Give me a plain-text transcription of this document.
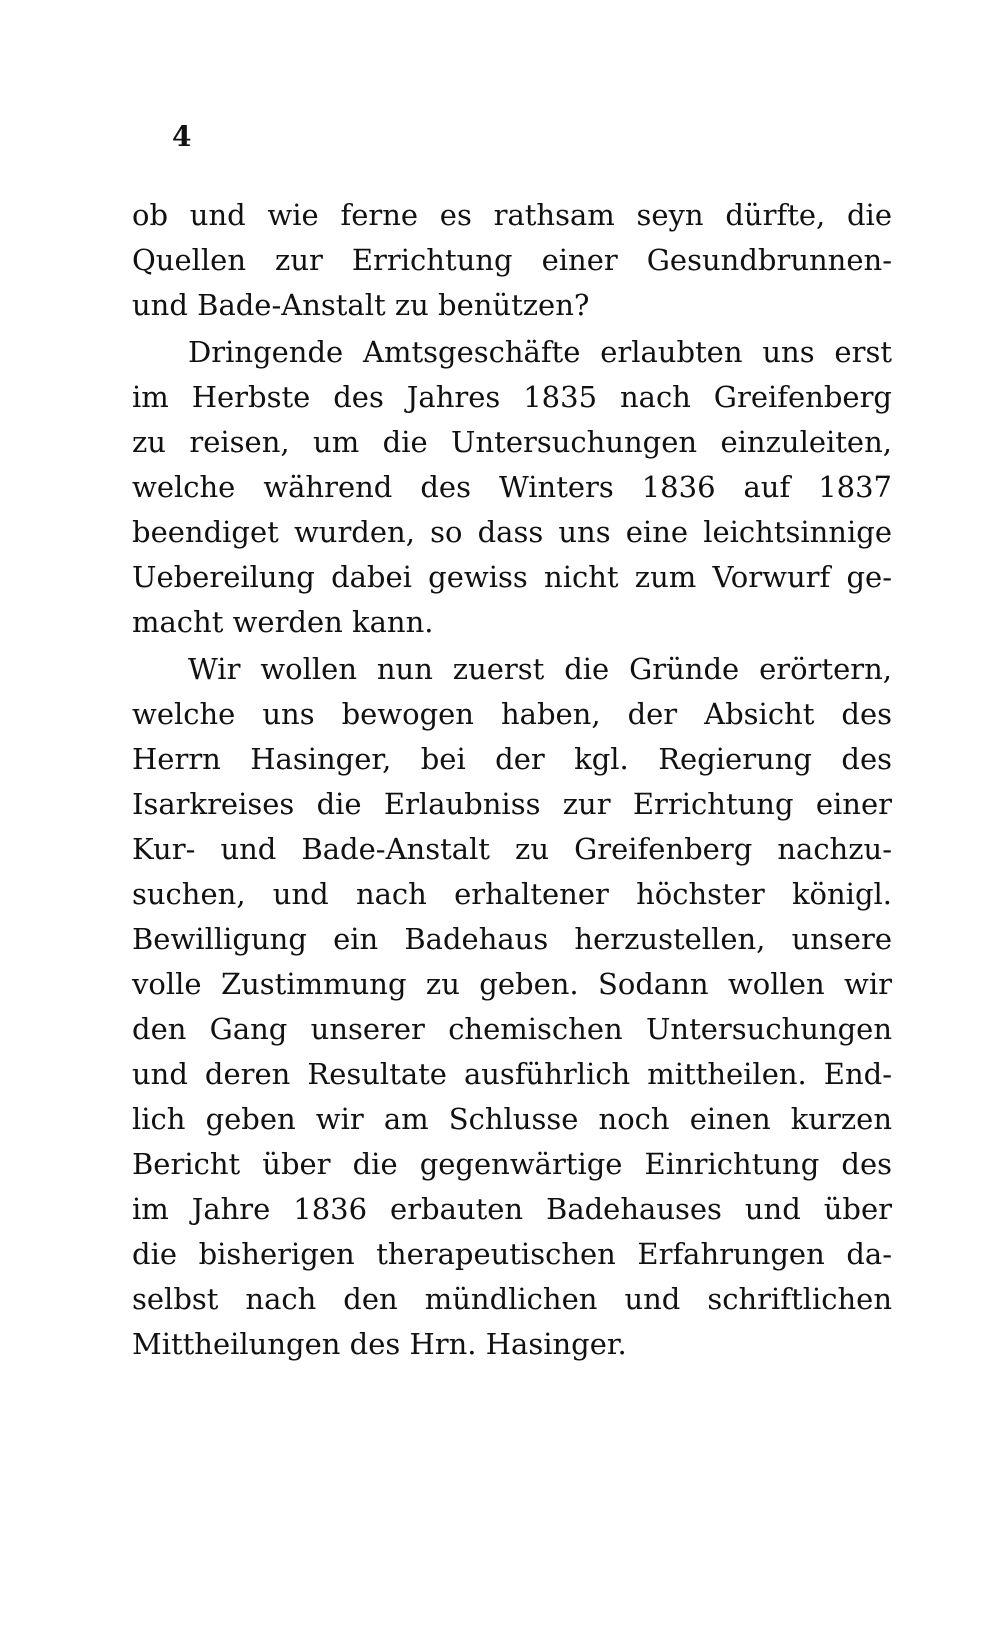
4
ob und wie ferne es rathsam seyn dürfte, die
Quellen zur Errichtung einer Gesundbrunnen-
und Bade-Anstalt zu benützen?
Dringende Amtsgeschäfte erlaubten uns erst
im Herbste des Jahres 1835 nach Greifenberg
zu reisen, um die Untersuchungen einzuleiten,
welche während des Winters 1836 auf 1837
beendiget wurden, so dass uns eine leichtsinnige
Uebereilung dabei gewiss nicht zum Vorwurf ge-
macht werden kann.
Wir wollen nun zuerst die Gründe erörtern,
welche uns bewogen haben, der Absicht des
Herrn Hasinger, bei der kgl. Regierung des
Isarkreises die Erlaubniss zur Errichtung einer
Kur- und Bade-Anstalt zu Greifenberg nachzu-
suchen, und nach erhaltener höchster königl.
Bewilligung ein Badehaus herzustellen, unsere
volle Zustimmung zu geben. Sodann wollen wir
den Gang unserer chemischen Untersuchungen
und deren Resultate ausführlich mittheilen. End-
lich geben wir am Schlusse noch einen kurzen
Bericht über die gegenwärtige Einrichtung des
im Jahre 1836 erbauten Badehauses und über
die bisherigen therapeutischen Erfahrungen da-
selbst nach den mündlichen und schriftlichen
Mittheilungen des Hrn. Hasinger.
